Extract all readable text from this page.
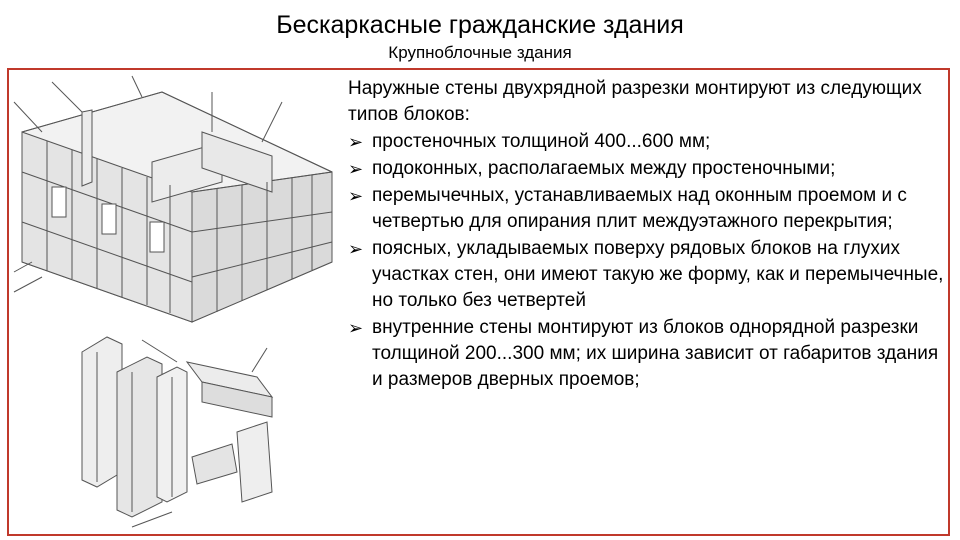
Бескаркасные гражданские здания
Крупноблочные здания

Наружные стены двухрядной разрезки монтируют из следующих типов блоков:

➢ простеночных толщиной 400...600 мм;
➢ подоконных, располагаемых между простеночными;
➢ перемычечных, устанавливаемых над оконным проемом и с четвертью для опирания плит междуэтажного перекрытия;
➢ поясных, укладываемых поверху рядовых блоков на глухих участках стен, они имеют такую же форму, как и перемычечные, но только без четвертей
➢ внутренние стены монтируют из блоков однорядной разрезки толщиной 200...300 мм; их ширина зависит от габаритов здания и размеров дверных проемов;
